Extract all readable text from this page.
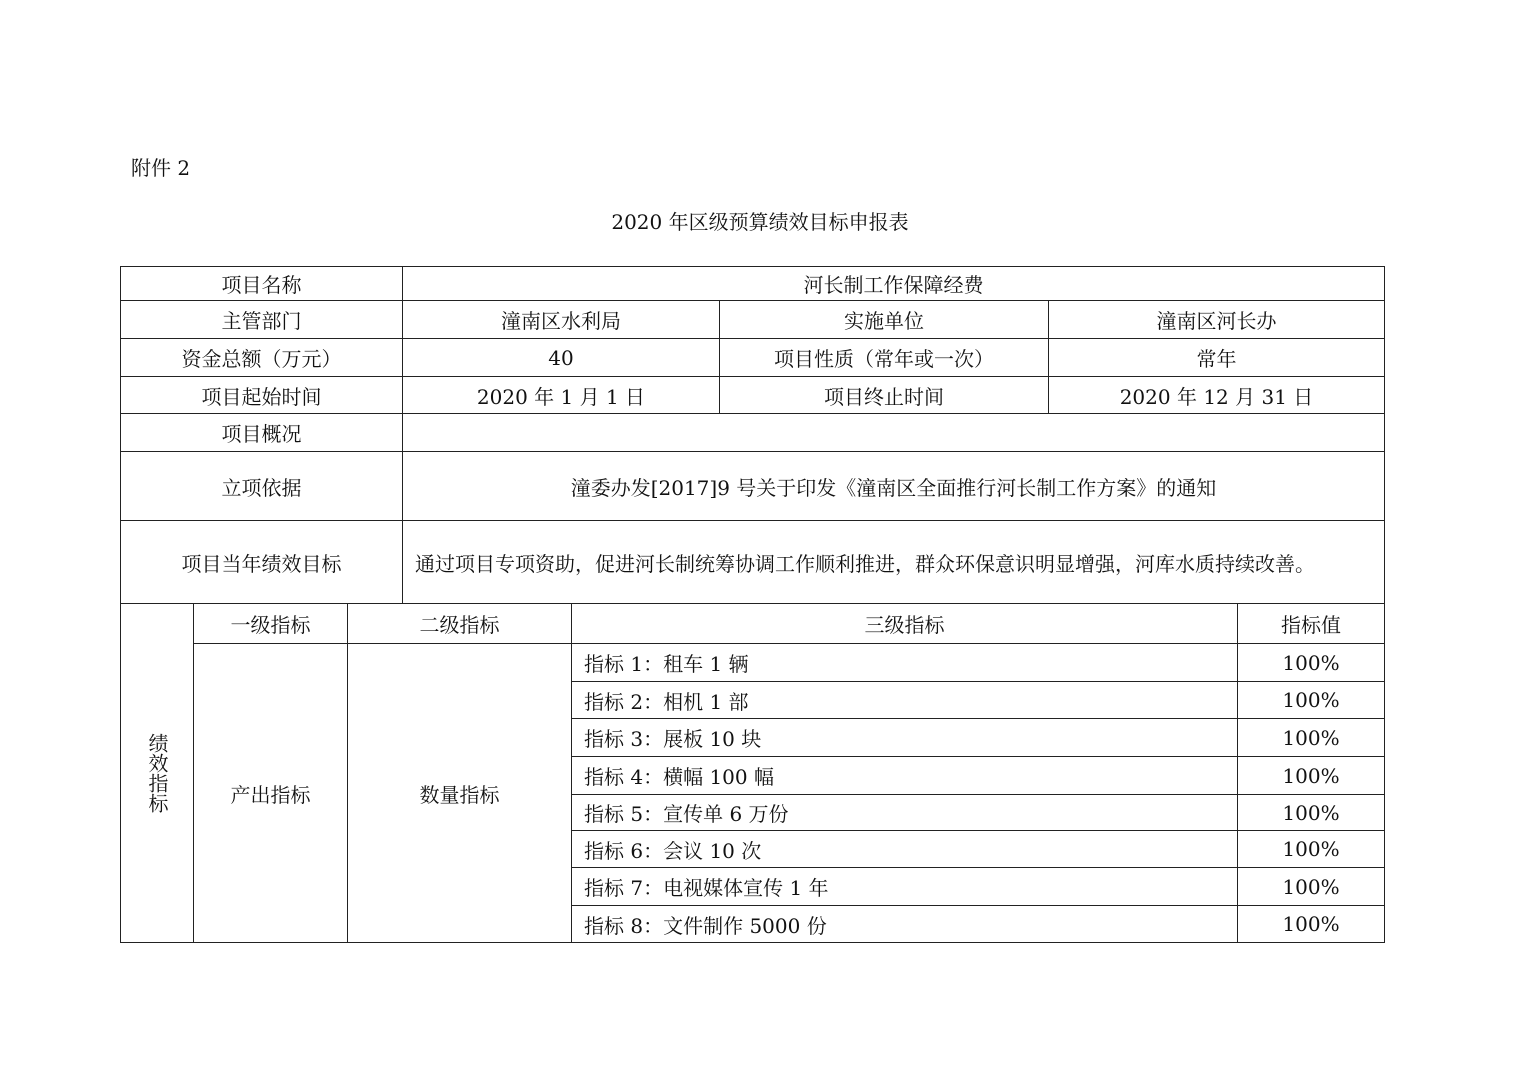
附件 2
2020 年区级预算绩效目标申报表
项目名称	河长制工作保障经费
主管部门	潼南区水利局	实施单位	潼南区河长办
资金总额（万元）	40	项目性质（常年或一次）	常年
项目起始时间	2020 年 1 月 1 日	项目终止时间	2020 年 12 月 31 日
项目概况
立项依据	潼委办发[2017]9 号关于印发《潼南区全面推行河长制工作方案》的通知
项目当年绩效目标	通过项目专项资助，促进河长制统筹协调工作顺利推进，群众环保意识明显增强，河库水质持续改善。
绩效指标
一级指标	二级指标	三级指标	指标值
产出指标	数量指标
指标 1：租车 1 辆	100%
指标 2：相机 1 部	100%
指标 3：展板 10 块	100%
指标 4：横幅 100 幅	100%
指标 5：宣传单 6 万份	100%
指标 6：会议 10 次	100%
指标 7：电视媒体宣传 1 年	100%
指标 8：文件制作 5000 份	100%
